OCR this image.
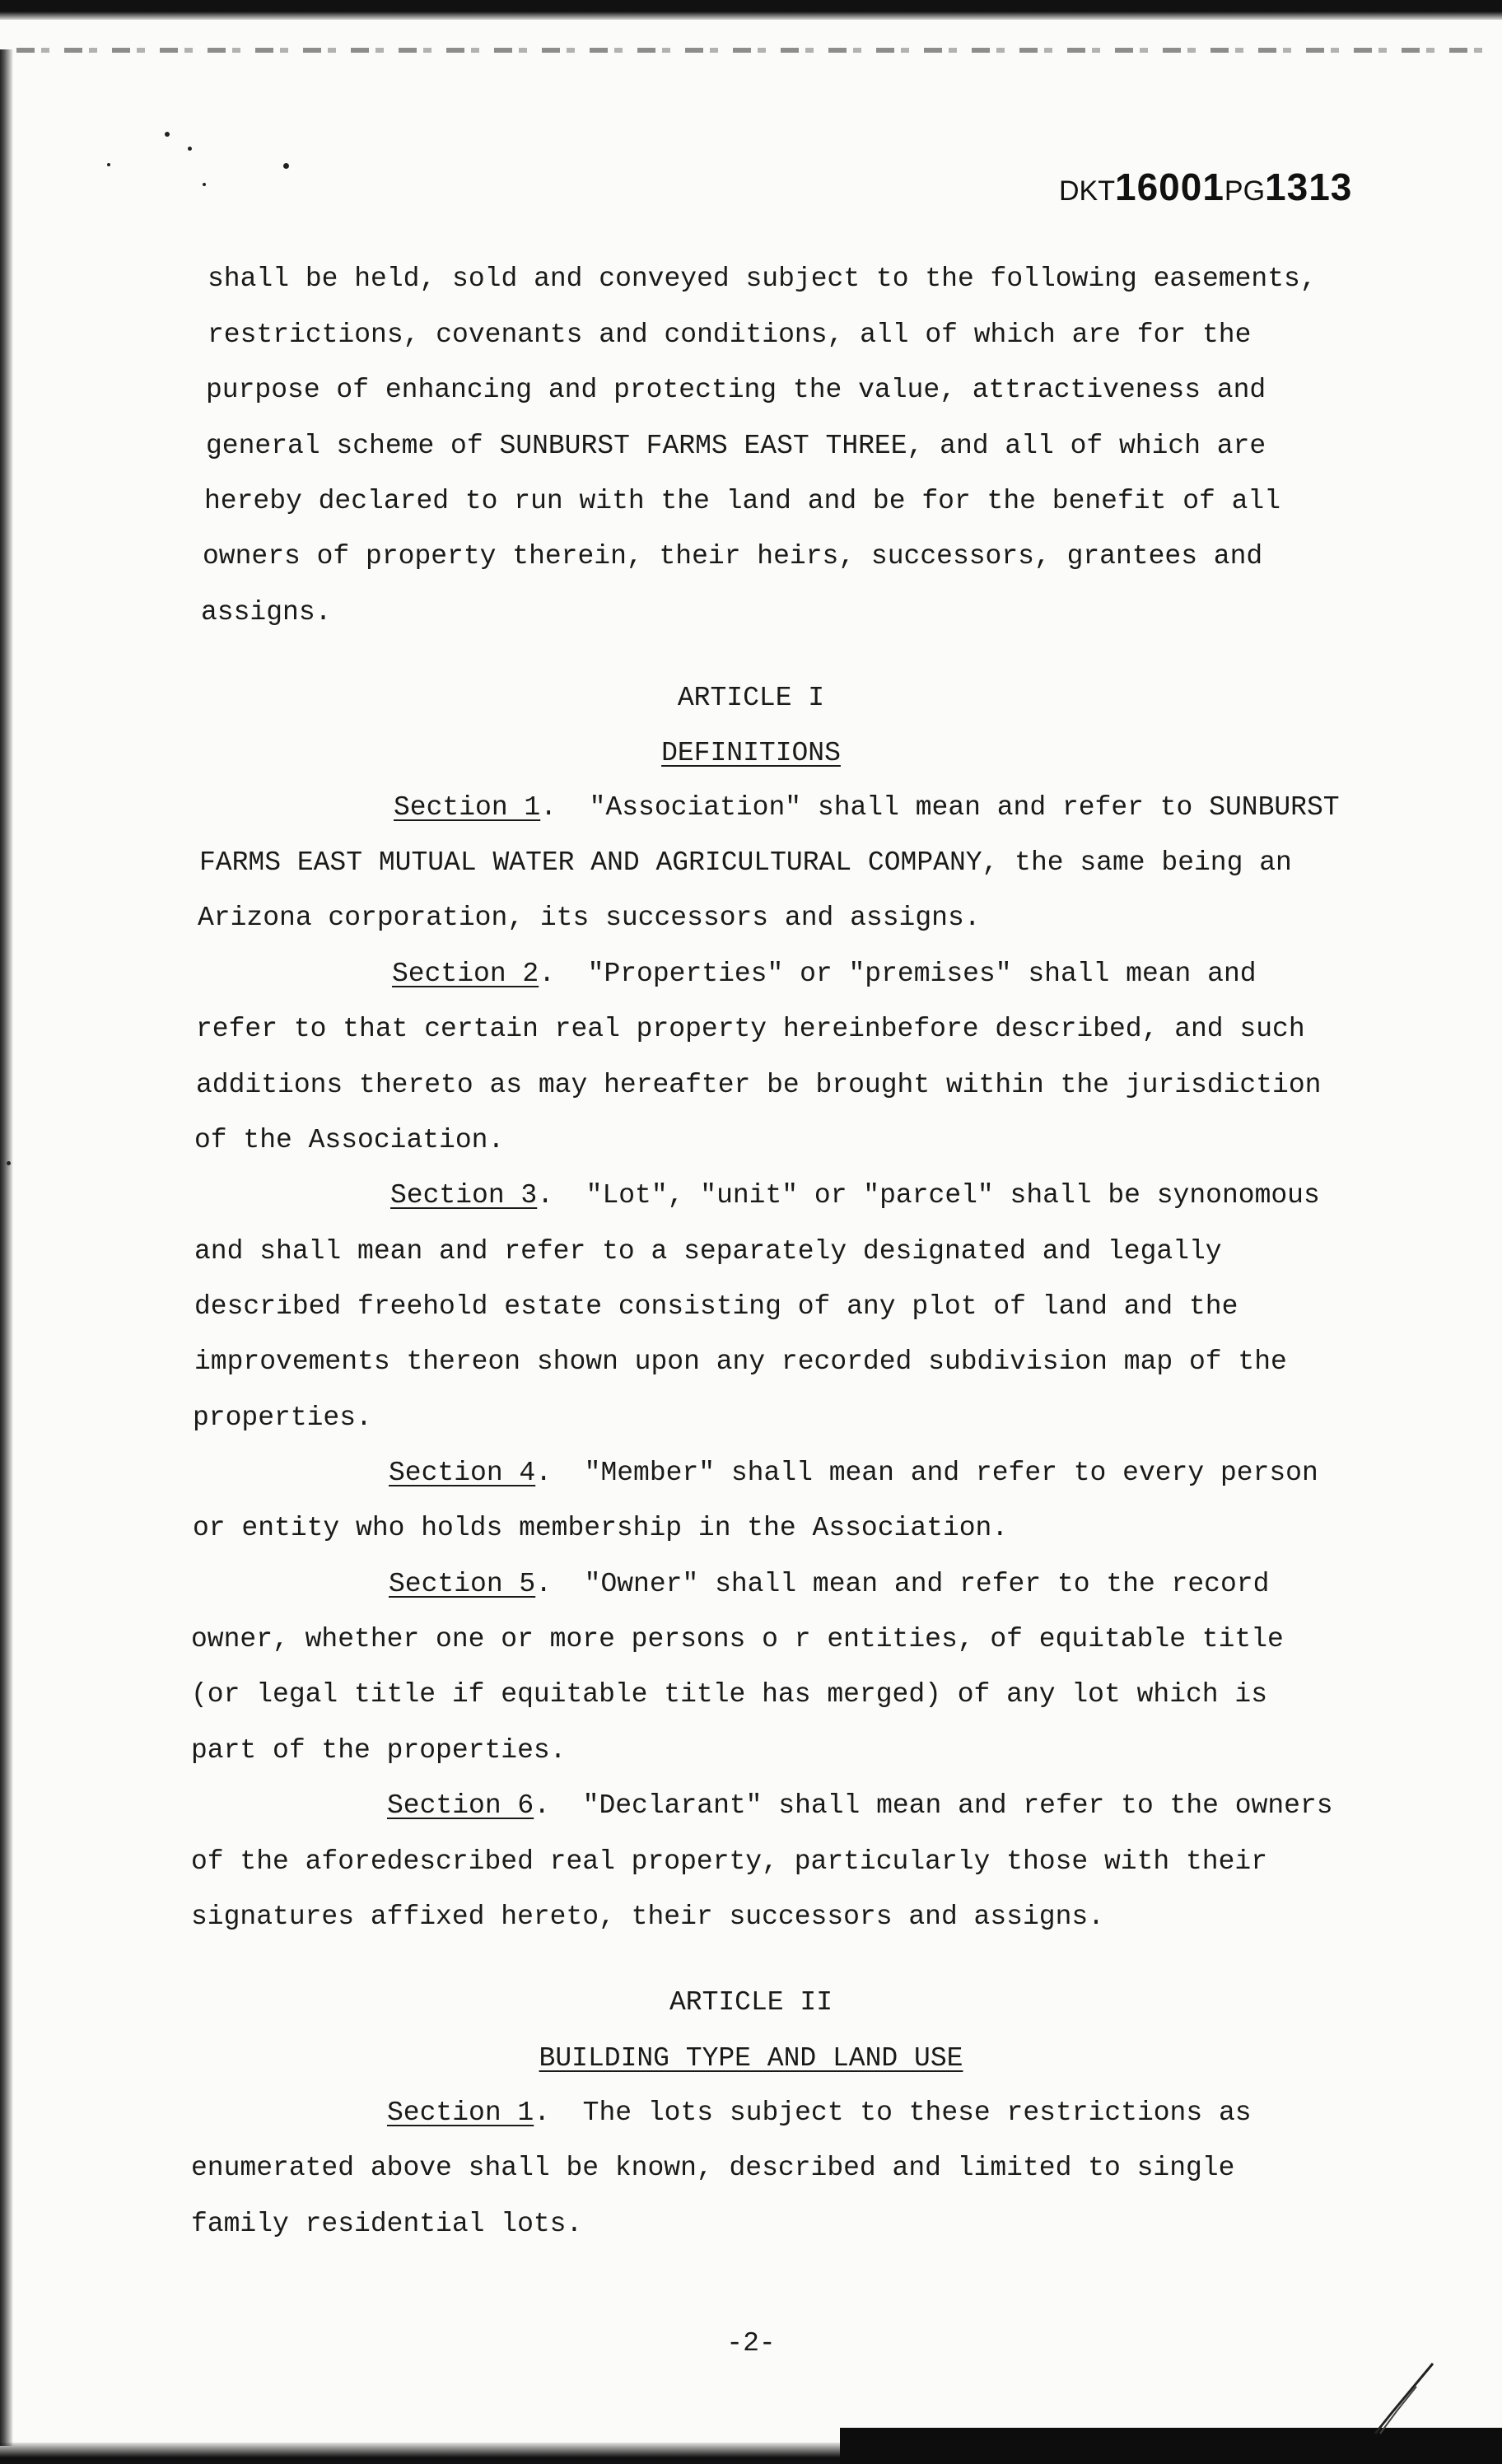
DKT16001PG1313
shall be held, sold and conveyed subject to the following easements,
restrictions, covenants and conditions, all of which are for the
purpose of enhancing and protecting the value, attractiveness and
general scheme of SUNBURST FARMS EAST THREE, and all of which are
hereby declared to run with the land and be for the benefit of all
owners of property therein, their heirs, successors, grantees and
assigns.
ARTICLE I
DEFINITIONS
Section 1.  "Association" shall mean and refer to SUNBURST
FARMS EAST MUTUAL WATER AND AGRICULTURAL COMPANY, the same being an
Arizona corporation, its successors and assigns.
Section 2.  "Properties" or "premises" shall mean and
refer to that certain real property hereinbefore described, and such
additions thereto as may hereafter be brought within the jurisdiction
of the Association.
Section 3.  "Lot", "unit" or "parcel" shall be synonomous
and shall mean and refer to a separately designated and legally
described freehold estate consisting of any plot of land and the
improvements thereon shown upon any recorded subdivision map of the
properties.
Section 4.  "Member" shall mean and refer to every person
or entity who holds membership in the Association.
Section 5.  "Owner" shall mean and refer to the record
owner, whether one or more persons o r entities, of equitable title
(or legal title if equitable title has merged) of any lot which is
part of the properties.
Section 6.  "Declarant" shall mean and refer to the owners
of the aforedescribed real property, particularly those with their
signatures affixed hereto, their successors and assigns.
ARTICLE II
BUILDING TYPE AND LAND USE
Section 1.  The lots subject to these restrictions as
enumerated above shall be known, described and limited to single
family residential lots.
-2-
